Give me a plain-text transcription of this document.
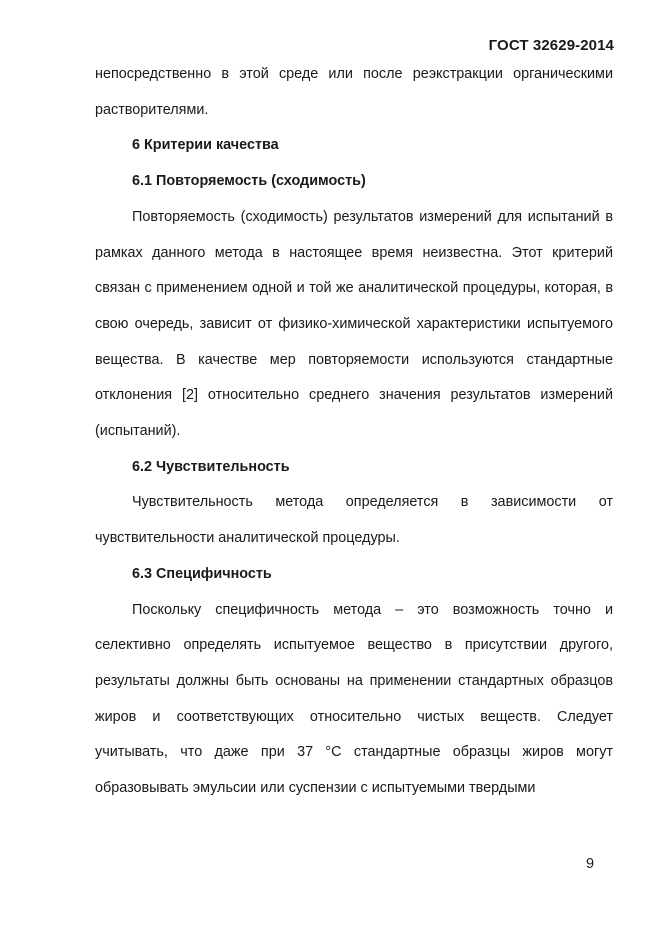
ГОСТ 32629-2014

непосредственно в этой среде или после реэкстракции органическими растворителями.

6 Критерии качества

6.1 Повторяемость (сходимость)

Повторяемость (сходимость) результатов измерений для испытаний в рамках данного метода в настоящее время неизвестна. Этот критерий связан с применением одной и той же аналитической процедуры, которая, в свою очередь, зависит от физико-химической характеристики испытуемого вещества. В качестве мер повторяемости используются стандартные отклонения [2] относительно среднего значения результатов измерений (испытаний).

6.2 Чувствительность

Чувствительность метода определяется в зависимости от чувствительности аналитической процедуры.

6.3 Специфичность

Поскольку специфичность метода – это возможность точно и селективно определять испытуемое вещество в присутствии другого, результаты должны быть основаны на применении стандартных образцов жиров и соответствующих относительно чистых веществ. Следует учитывать, что даже при 37 °С стандартные образцы жиров могут образовывать эмульсии или суспензии с испытуемыми твердыми

9
